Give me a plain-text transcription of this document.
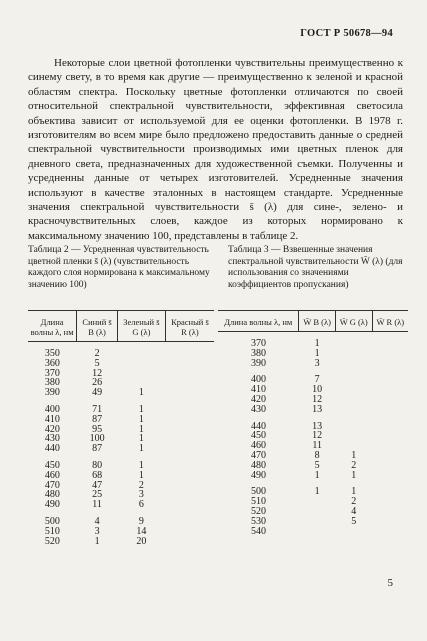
ГОСТ Р 50678—94

Некоторые слои цветной фотопленки чувствительны преимущественно к синему свету, в то время как другие — преимущественно к зеленой и красной областям спектра. Поскольку цветные фотопленки отличаются по своей относительной спектральной чувствительности, эффективная светосила объектива зависит от используемой для ее оценки фотопленки. В 1978 г. изготовителям во всем мире было предложено предоставить данные о средней спектральной чувствительности производимых ими цветных пленок для дневного света, предназначенных для художественной съемки. Полученны и усредненны данные от четырех изготовителей. Усредненные значения используют в качестве эталонных в настоящем стандарте. Усредненные значения спектральной чувствительности s̄ (λ) для сине-, зелено- и красночувствительных слоев, каждое из которых нормировано к максимальному значению 100, представлены в таблице 2.

Таблица 2 — Усредненная чувствительность цветной пленки s̄ (λ) (чувствительность каждого слоя нормирована к максимальному значению 100)
Таблица 3 — Взвешенные значения спектральной чувствительности W̄ (λ) (для использования со значениями коэффициентов пропускания)
Длина волны λ, нм	Синий s̄ B (λ)	Зеленый s̄ G (λ)	Красный s̄ R (λ)
350	2		
360	5		
370	12		
380	26		
390	49	1	
400	71	1	
410	87	1	
420	95	1	
430	100	1	
440	87	1	
450	80	1	
460	68	1	
470	47	2	
480	25	3	
490	11	6	
500	4	9	
510	3	14	
520	1	20	
Длина волны λ, нм	W̄ B (λ)	W̄ G (λ)	W̄ R (λ)
370	1		
380	1		
390	3		
400	7		
410	10		
420	12		
430	13		
440	13		
450	12		
460	11		
470	8	1	
480	5	2	
490	1	1	
500	1	1	
510		2	
520		4	
530		5	
540			
5
